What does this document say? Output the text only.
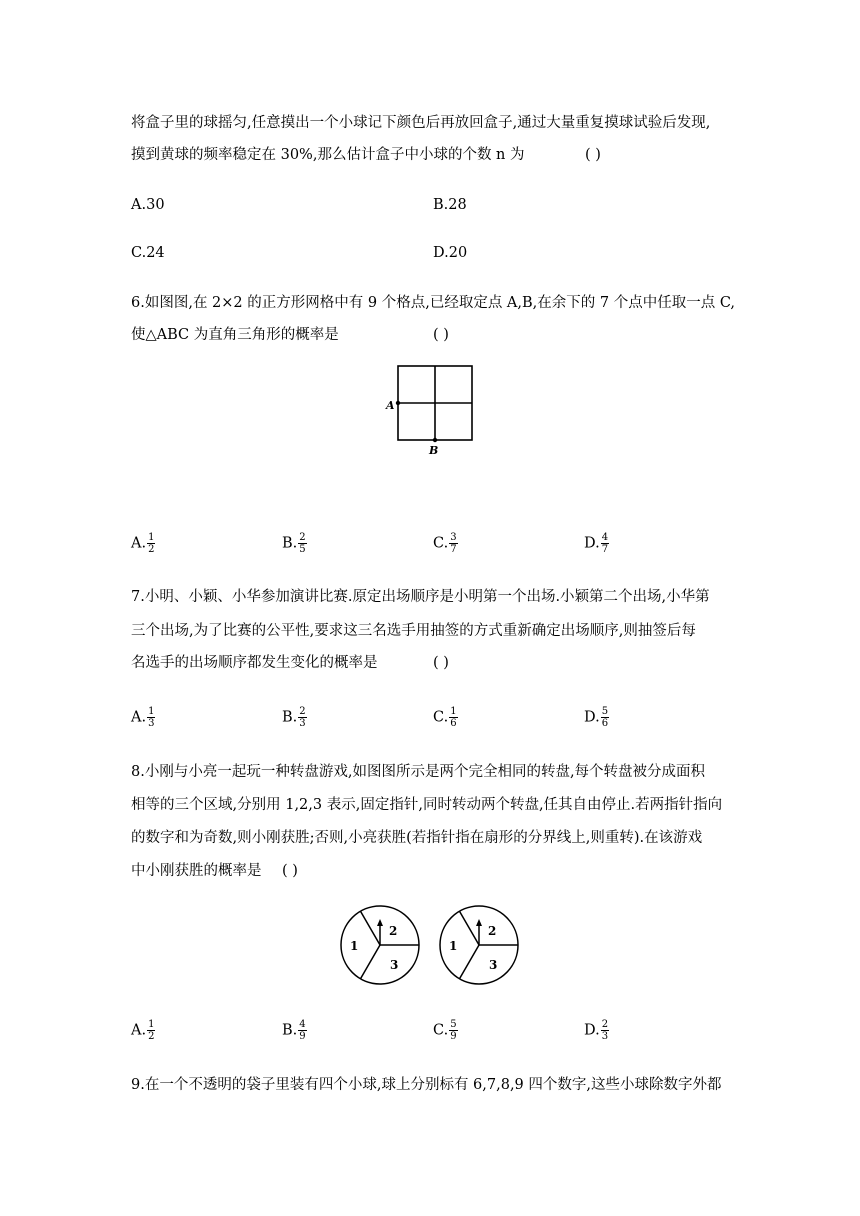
将盒子里的球摇匀,任意摸出一个小球记下颜色后再放回盒子,通过大量重复摸球试验后发现,
摸到黄球的频率稳定在 30%,那么估计盒子中小球的个数 n 为	( )
A.30	B.28
C.24	D.20
6.如图图,在 2×2 的正方形网格中有 9 个格点,已经取定点 A,B,在余下的 7 个点中任取一点 C,
使△ABC 为直角三角形的概率是	( )
A
B
A. $\frac{1}{2}$	B. $\frac{2}{5}$	C. $\frac{3}{7}$	D. $\frac{4}{7}$
7.小明、小颖、小华参加演讲比赛.原定出场顺序是小明第一个出场.小颖第二个出场,小华第
三个出场,为了比赛的公平性,要求这三名选手用抽签的方式重新确定出场顺序,则抽签后每
名选手的出场顺序都发生变化的概率是	( )
A. $\frac{1}{3}$	B. $\frac{2}{3}$	C. $\frac{1}{6}$	D. $\frac{5}{6}$
8.小刚与小亮一起玩一种转盘游戏,如图图所示是两个完全相同的转盘,每个转盘被分成面积
相等的三个区域,分别用 1,2,3 表示,固定指针,同时转动两个转盘,任其自由停止.若两指针指向
的数字和为奇数,则小刚获胜;否则,小亮获胜(若指针指在扇形的分界线上,则重转).在该游戏
中小刚获胜的概率是 ( )
1
2
3
1
2
3
A. $\frac{1}{2}$	B. $\frac{4}{9}$	C. $\frac{5}{9}$	D. $\frac{2}{3}$
9.在一个不透明的袋子里装有四个小球,球上分别标有 6,7,8,9 四个数字,这些小球除数字外都
